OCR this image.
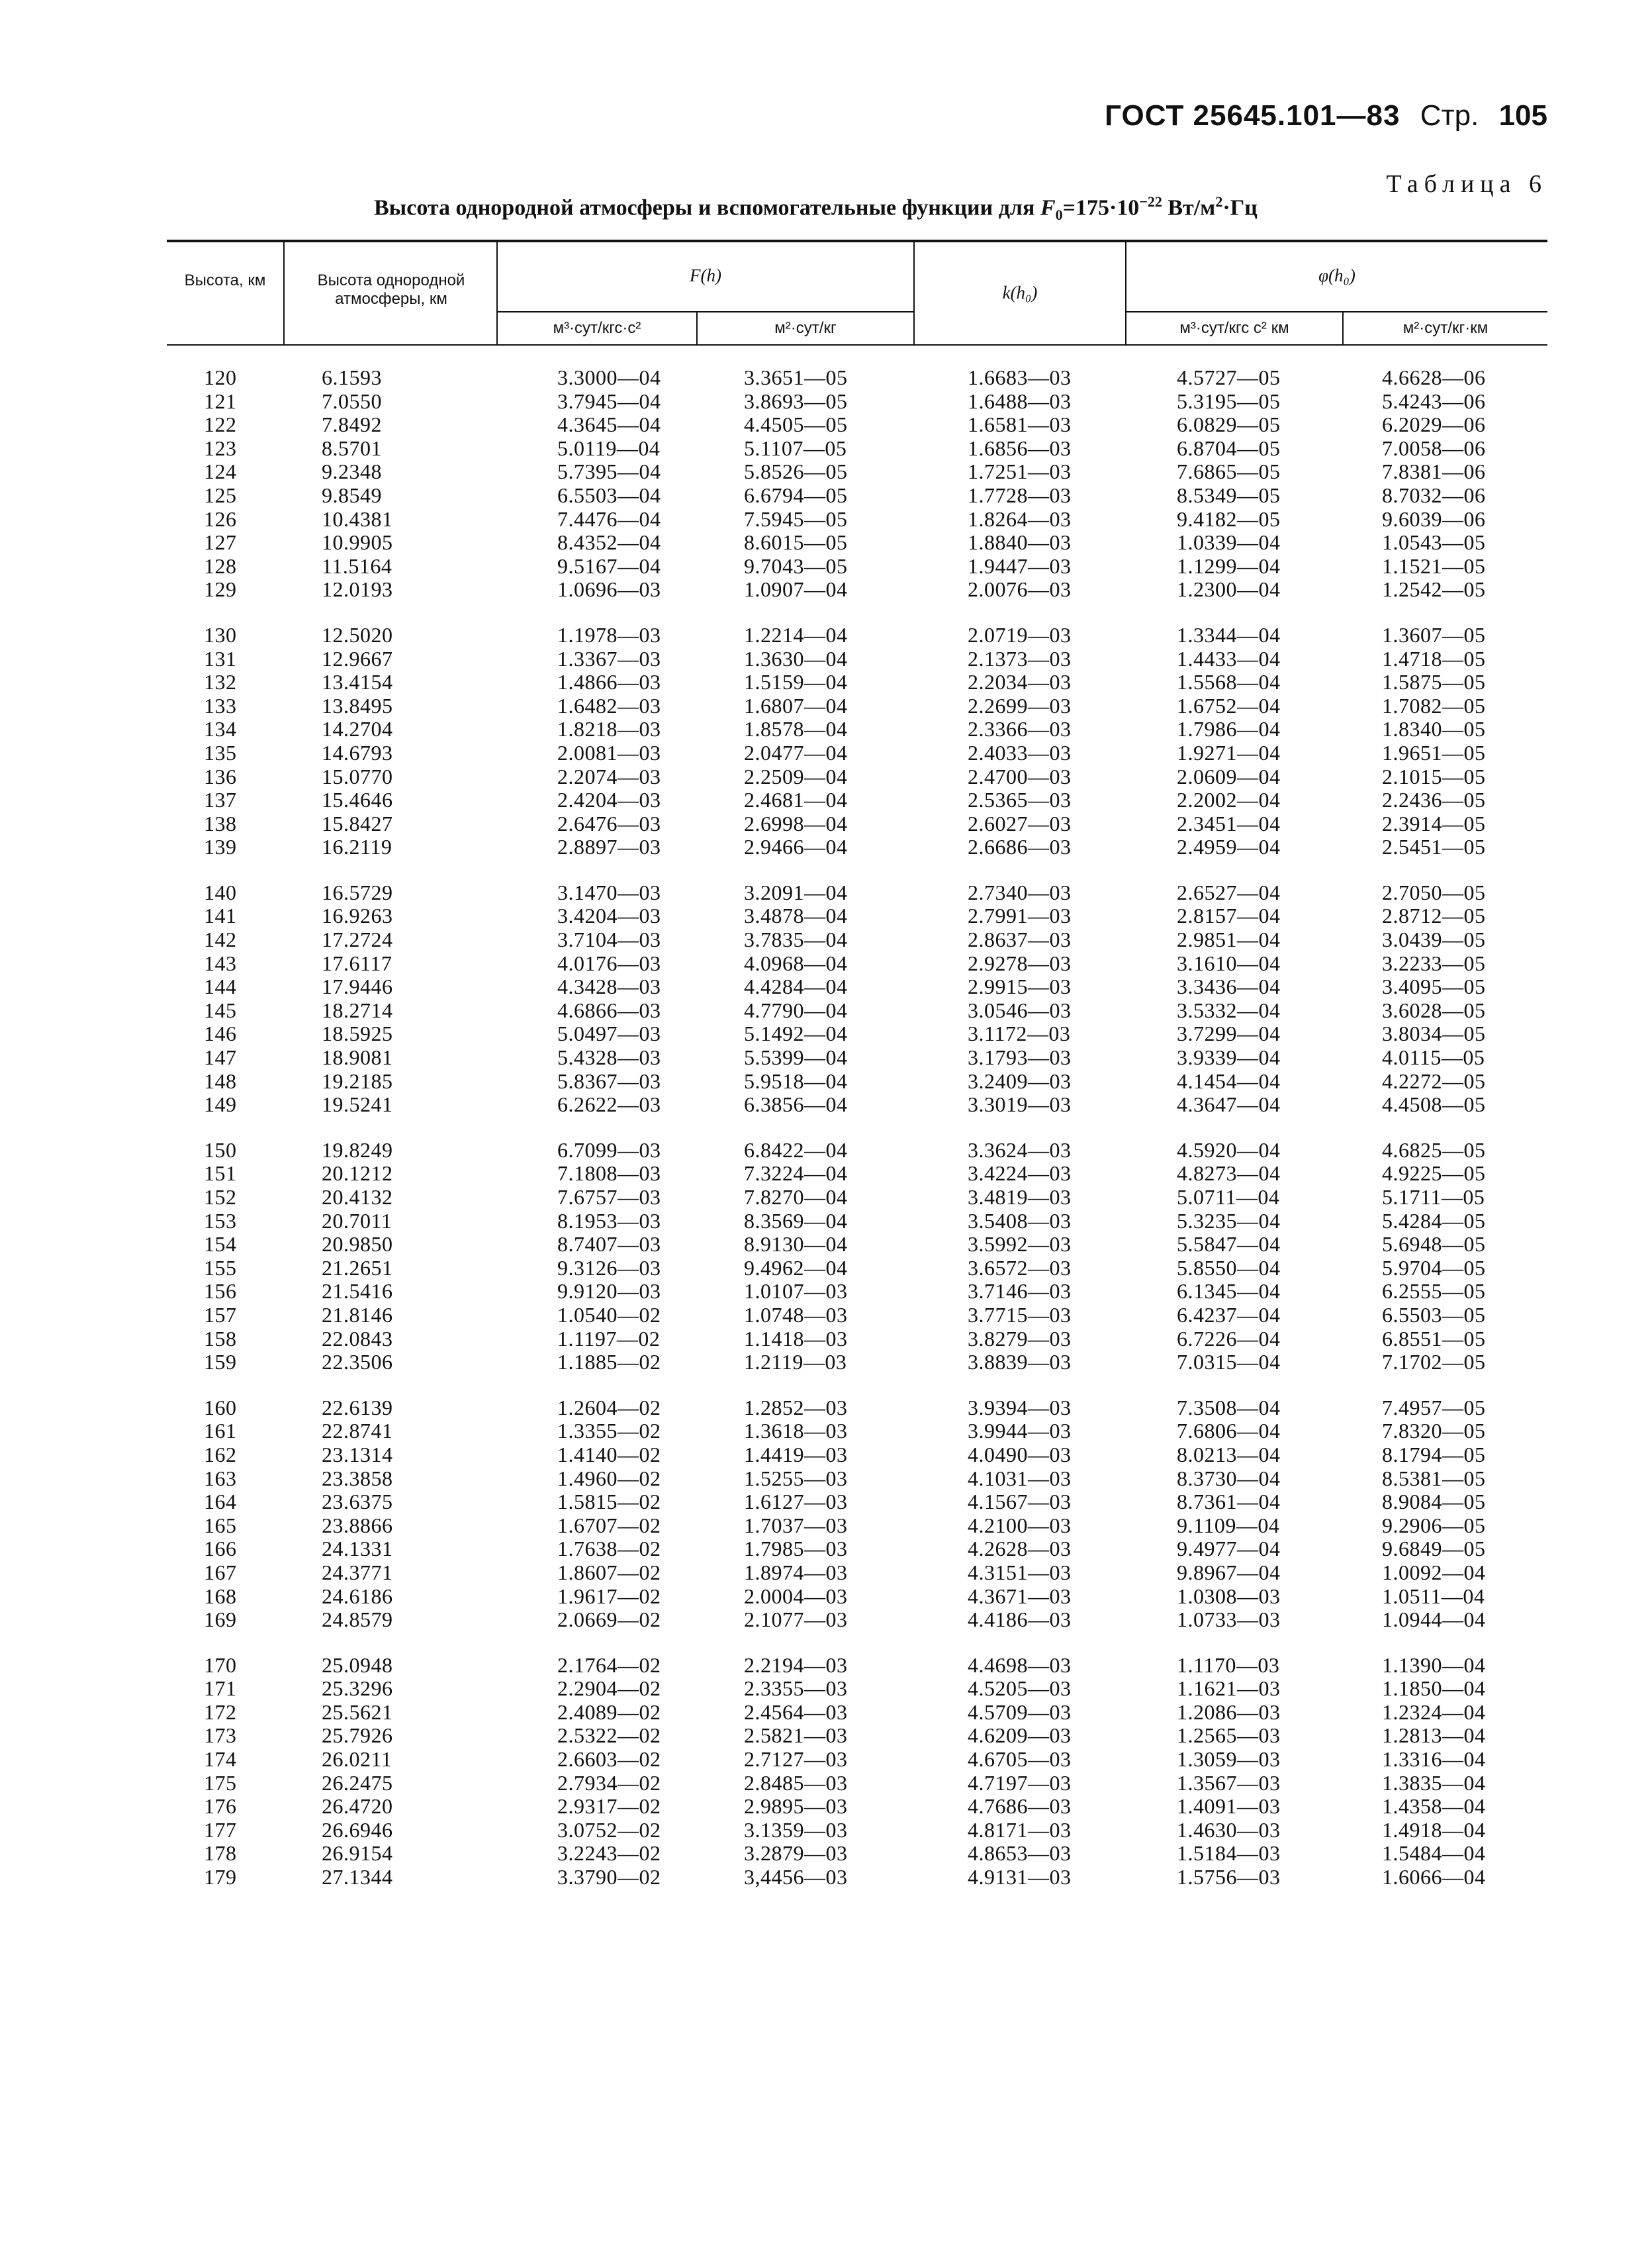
ГОСТ 25645.101—83 Стр. 105
Таблица 6
Высота однородной атмосферы и вспомогательные функции для $F_0=175\cdot 10^{-22}$ $Вт/м^2\cdot Гц$
Высота, км	Высота однородной атмосферы, км
F(h)
м³·сут/кгс·с²	м²·сут/кг
k(h₀)
φ(h₀)
м³·сут/кгс с² км	м²·сут/кг·км
120	6.1593	3.3000—04	3.3651—05	1.6683—03	4.5727—05	4.6628—06
121	7.0550	3.7945—04	3.8693—05	1.6488—03	5.3195—05	5.4243—06
122	7.8492	4.3645—04	4.4505—05	1.6581—03	6.0829—05	6.2029—06
123	8.5701	5.0119—04	5.1107—05	1.6856—03	6.8704—05	7.0058—06
124	9.2348	5.7395—04	5.8526—05	1.7251—03	7.6865—05	7.8381—06
125	9.8549	6.5503—04	6.6794—05	1.7728—03	8.5349—05	8.7032—06
126	10.4381	7.4476—04	7.5945—05	1.8264—03	9.4182—05	9.6039—06
127	10.9905	8.4352—04	8.6015—05	1.8840—03	1.0339—04	1.0543—05
128	11.5164	9.5167—04	9.7043—05	1.9447—03	1.1299—04	1.1521—05
129	12.0193	1.0696—03	1.0907—04	2.0076—03	1.2300—04	1.2542—05
130	12.5020	1.1978—03	1.2214—04	2.0719—03	1.3344—04	1.3607—05
131	12.9667	1.3367—03	1.3630—04	2.1373—03	1.4433—04	1.4718—05
132	13.4154	1.4866—03	1.5159—04	2.2034—03	1.5568—04	1.5875—05
133	13.8495	1.6482—03	1.6807—04	2.2699—03	1.6752—04	1.7082—05
134	14.2704	1.8218—03	1.8578—04	2.3366—03	1.7986—04	1.8340—05
135	14.6793	2.0081—03	2.0477—04	2.4033—03	1.9271—04	1.9651—05
136	15.0770	2.2074—03	2.2509—04	2.4700—03	2.0609—04	2.1015—05
137	15.4646	2.4204—03	2.4681—04	2.5365—03	2.2002—04	2.2436—05
138	15.8427	2.6476—03	2.6998—04	2.6027—03	2.3451—04	2.3914—05
139	16.2119	2.8897—03	2.9466—04	2.6686—03	2.4959—04	2.5451—05
140	16.5729	3.1470—03	3.2091—04	2.7340—03	2.6527—04	2.7050—05
141	16.9263	3.4204—03	3.4878—04	2.7991—03	2.8157—04	2.8712—05
142	17.2724	3.7104—03	3.7835—04	2.8637—03	2.9851—04	3.0439—05
143	17.6117	4.0176—03	4.0968—04	2.9278—03	3.1610—04	3.2233—05
144	17.9446	4.3428—03	4.4284—04	2.9915—03	3.3436—04	3.4095—05
145	18.2714	4.6866—03	4.7790—04	3.0546—03	3.5332—04	3.6028—05
146	18.5925	5.0497—03	5.1492—04	3.1172—03	3.7299—04	3.8034—05
147	18.9081	5.4328—03	5.5399—04	3.1793—03	3.9339—04	4.0115—05
148	19.2185	5.8367—03	5.9518—04	3.2409—03	4.1454—04	4.2272—05
149	19.5241	6.2622—03	6.3856—04	3.3019—03	4.3647—04	4.4508—05
150	19.8249	6.7099—03	6.8422—04	3.3624—03	4.5920—04	4.6825—05
151	20.1212	7.1808—03	7.3224—04	3.4224—03	4.8273—04	4.9225—05
152	20.4132	7.6757—03	7.8270—04	3.4819—03	5.0711—04	5.1711—05
153	20.7011	8.1953—03	8.3569—04	3.5408—03	5.3235—04	5.4284—05
154	20.9850	8.7407—03	8.9130—04	3.5992—03	5.5847—04	5.6948—05
155	21.2651	9.3126—03	9.4962—04	3.6572—03	5.8550—04	5.9704—05
156	21.5416	9.9120—03	1.0107—03	3.7146—03	6.1345—04	6.2555—05
157	21.8146	1.0540—02	1.0748—03	3.7715—03	6.4237—04	6.5503—05
158	22.0843	1.1197—02	1.1418—03	3.8279—03	6.7226—04	6.8551—05
159	22.3506	1.1885—02	1.2119—03	3.8839—03	7.0315—04	7.1702—05
160	22.6139	1.2604—02	1.2852—03	3.9394—03	7.3508—04	7.4957—05
161	22.8741	1.3355—02	1.3618—03	3.9944—03	7.6806—04	7.8320—05
162	23.1314	1.4140—02	1.4419—03	4.0490—03	8.0213—04	8.1794—05
163	23.3858	1.4960—02	1.5255—03	4.1031—03	8.3730—04	8.5381—05
164	23.6375	1.5815—02	1.6127—03	4.1567—03	8.7361—04	8.9084—05
165	23.8866	1.6707—02	1.7037—03	4.2100—03	9.1109—04	9.2906—05
166	24.1331	1.7638—02	1.7985—03	4.2628—03	9.4977—04	9.6849—05
167	24.3771	1.8607—02	1.8974—03	4.3151—03	9.8967—04	1.0092—04
168	24.6186	1.9617—02	2.0004—03	4.3671—03	1.0308—03	1.0511—04
169	24.8579	2.0669—02	2.1077—03	4.4186—03	1.0733—03	1.0944—04
170	25.0948	2.1764—02	2.2194—03	4.4698—03	1.1170—03	1.1390—04
171	25.3296	2.2904—02	2.3355—03	4.5205—03	1.1621—03	1.1850—04
172	25.5621	2.4089—02	2.4564—03	4.5709—03	1.2086—03	1.2324—04
173	25.7926	2.5322—02	2.5821—03	4.6209—03	1.2565—03	1.2813—04
174	26.0211	2.6603—02	2.7127—03	4.6705—03	1.3059—03	1.3316—04
175	26.2475	2.7934—02	2.8485—03	4.7197—03	1.3567—03	1.3835—04
176	26.4720	2.9317—02	2.9895—03	4.7686—03	1.4091—03	1.4358—04
177	26.6946	3.0752—02	3.1359—03	4.8171—03	1.4630—03	1.4918—04
178	26.9154	3.2243—02	3.2879—03	4.8653—03	1.5184—03	1.5484—04
179	27.1344	3.3790—02	3,4456—03	4.9131—03	1.5756—03	1.6066—04
